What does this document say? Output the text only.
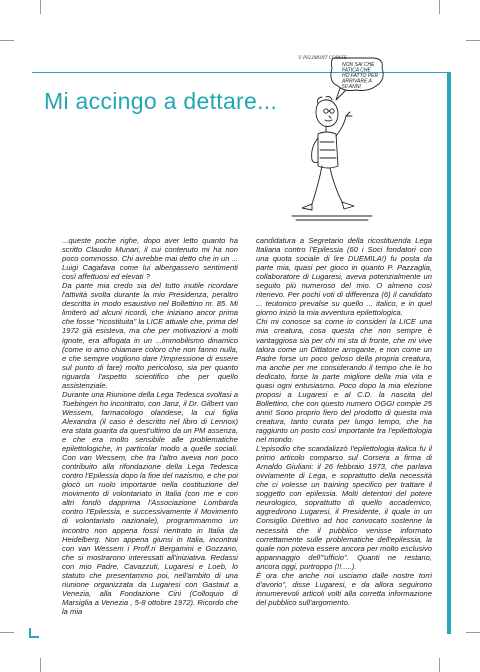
Mi accingo a dettare...
© PELIMONT CORSTE
NON SAI CHE
FATICA CHE
HO FATTO PER
ARRIVARE A
50 ANNI

...queste poche righe, dopo aver letto quanto ha scritto Claudio Munari, il cui contenuto mi ha non poco commosso. Chi avrebbe mai detto che in un ... Luigi Cagafava come lui albergassero sentimenti così affettuosi ed elevati ?

Da parte mia credo sia del tutto inutile ricordare l'attività svolta durante la mio Presidenza, peraltro descritta in modo esaustivo nel Bollettino nr. 85. Mi limiterò ad alcuni ricordi, che iniziano ancor prima che fosse "ricostituita" la LICE attuale che, prima del 1972 già esisteva, ma che per motivazioni a molti ignote, era affogata in un ...immobilismo dinamico (come io amo chiamare coloro che non fanno nulla, e che sempre vogliono dare l'impressione di essere sul punto di fare) molto pericoloso, sia per quanto riguarda l'aspetto scientifico che per quello assistenziale.

Durante una Riunione della Lega Tedesca svoltasi a Tuebingen ho incontrato, con Janz, il Dr. Gilbert van Wessem, farmacologo olandese, la cui figlia Alexandra (il caso è descritto nel libro di Lennox) era stata guarita da quest'ultimo da un PM assenza, e che era molto sensibile alle problematiche epilettologiche, in particolar modo a quelle sociali. Con van Wessem, che tra l'altro aveva non poco contribuito alla rifondazione della Lega Tedesca contro l'Epilessia dopo la fine del nazismo, e che poi giocò un ruolo importante nella costituzione del movimento di volontariato in Italia (con me e con altri fondò dapprima l'Associazione Lombarda contro l'Epilessia, e successivamente il Movimento di volontariato nazionale), programmammo un incontro non appena fossi rientrato in Italia da Heidelberg. Non appena giunsi in Italia, incontrai con van Wessem i Proff.ri Bergamini e Gozzano, che si mostrarono interessati all'iniziativa. Redassi con mio Padre, Cavazzuti, Lugaresi e Loeb, lo statuto che presentammo poi, nell'ambito di una riunione organizzata da Lugaresi con Gastaut a Venezia, alla Fondazione Cini (Colloquio di Marsiglia a Venezia , 5-8 ottobre 1972). Ricordo che la mia

candidatura a Segretario della ricostituenda Lega Italiana contro l'Epilessia (60 i Soci fondatori con una quota sociale di lire DUEMILA!) fu posta da parte mia, quasi per gioco in quanto P. Pazzaglia, collaboratore di Lugaresi, aveva potenzialmente un seguito più numeroso del mio. O almeno così ritenevo. Per pochi voti di differenza (6) il candidato ... teutonico prevalse su quello ... italico, e in quel giorno iniziò la mia avventura epilettologica.

Chi mi conosce sa come io consideri la LICE una mia creatura, cosa questa che non sempre è vantaggiosa sia per chi mi sta di fronte, che mi vive talora come un Dittatore arrogante, e non come un Padre forse un poco geloso della propria creatura, ma anche per me considerando il tempo che le ho dedicato, forse la parte migliore della mia vita e quasi ogni entusiasmo. Poco dopo la mia elezione proposi a Lugaresi e al C.D. la nascita del Bollettino, che con questo numero OGGI compie 25 anni! Sono proprio fiero del prodotto di questa mia creatura, tanto curata per lungo tempo, che ha raggiunto un posto così importante tra l'epilettologia nel mondo.

L'episodio che scandalizzò l'epilettologia italica fu il primo articolo comparso sul Corsera a firma di Arnaldo Giuliani: il 26 febbraio 1973, che parlava ovviamente di Lega, e soprattutto della necessità che ci volesse un training specifico per trattare il soggetto con epilessia. Molti detentori del potere neurologico, soprattutto di quello accademico, aggredirono Lugaresi, il Presidente, il quale in un Consiglio Direttivo ad hoc convocato sostenne la necessità che il pubblico venisse informato correttamente sulle problematiche dell'epilessia, la quale non poteva essere ancora per molto esclusivo appannaggio dell'"ufficio". Quanti ne restano, ancora oggi, purtroppo (!!.....).

È ora che anche noi usciamo dalle nostre torri d'avorio", disse Lugaresi, e da allora seguirono innumerevoli articoli volti alla corretta informazione del pubblico sull'argomento.
